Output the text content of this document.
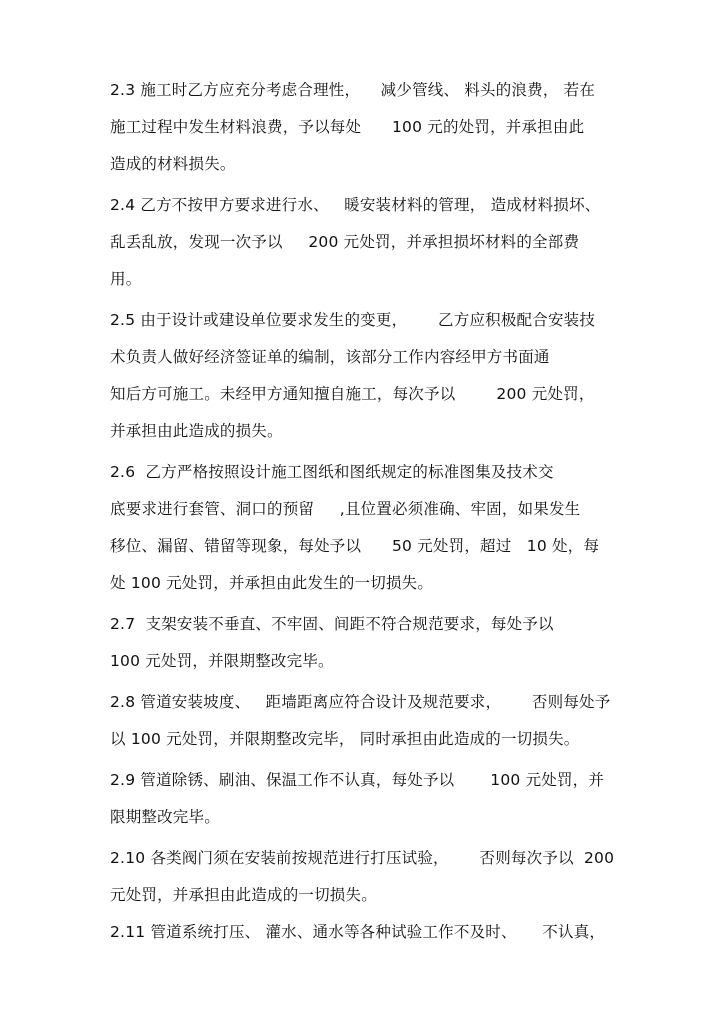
2.3 施工时乙方应充分考虑合理性，    减少管线、 料头的浪费， 若在
施工过程中发生材料浪费，予以每处      100 元的处罚，并承担由此
造成的材料损失。
2.4 乙方不按甲方要求进行水、   暖安装材料的管理， 造成材料损坏、
乱丢乱放，发现一次予以     200 元处罚，并承担损坏材料的全部费
用。
2.5 由于设计或建设单位要求发生的变更，      乙方应积极配合安装技
术负责人做好经济签证单的编制，该部分工作内容经甲方书面通
知后方可施工。未经甲方通知擅自施工，每次予以        200 元处罚，
并承担由此造成的损失。
2.6  乙方严格按照设计施工图纸和图纸规定的标准图集及技术交
底要求进行套管、洞口的预留     ,且位置必须准确、牢固，如果发生
移位、漏留、错留等现象，每处予以      50 元处罚，超过   10 处，每
处 100 元处罚，并承担由此发生的一切损失。
2.7  支架安装不垂直、不牢固、间距不符合规范要求，每处予以
100 元处罚，并限期整改完毕。
2.8 管道安装坡度、   距墙距离应符合设计及规范要求，      否则每处予
以 100 元处罚，并限期整改完毕， 同时承担由此造成的一切损失。
2.9 管道除锈、刷油、保温工作不认真，每处予以       100 元处罚，并
限期整改完毕。
2.10 各类阀门须在安装前按规范进行打压试验，      否则每次予以  200
元处罚，并承担由此造成的一切损失。
2.11 管道系统打压、 灌水、通水等各种试验工作不及时、     不认真，
